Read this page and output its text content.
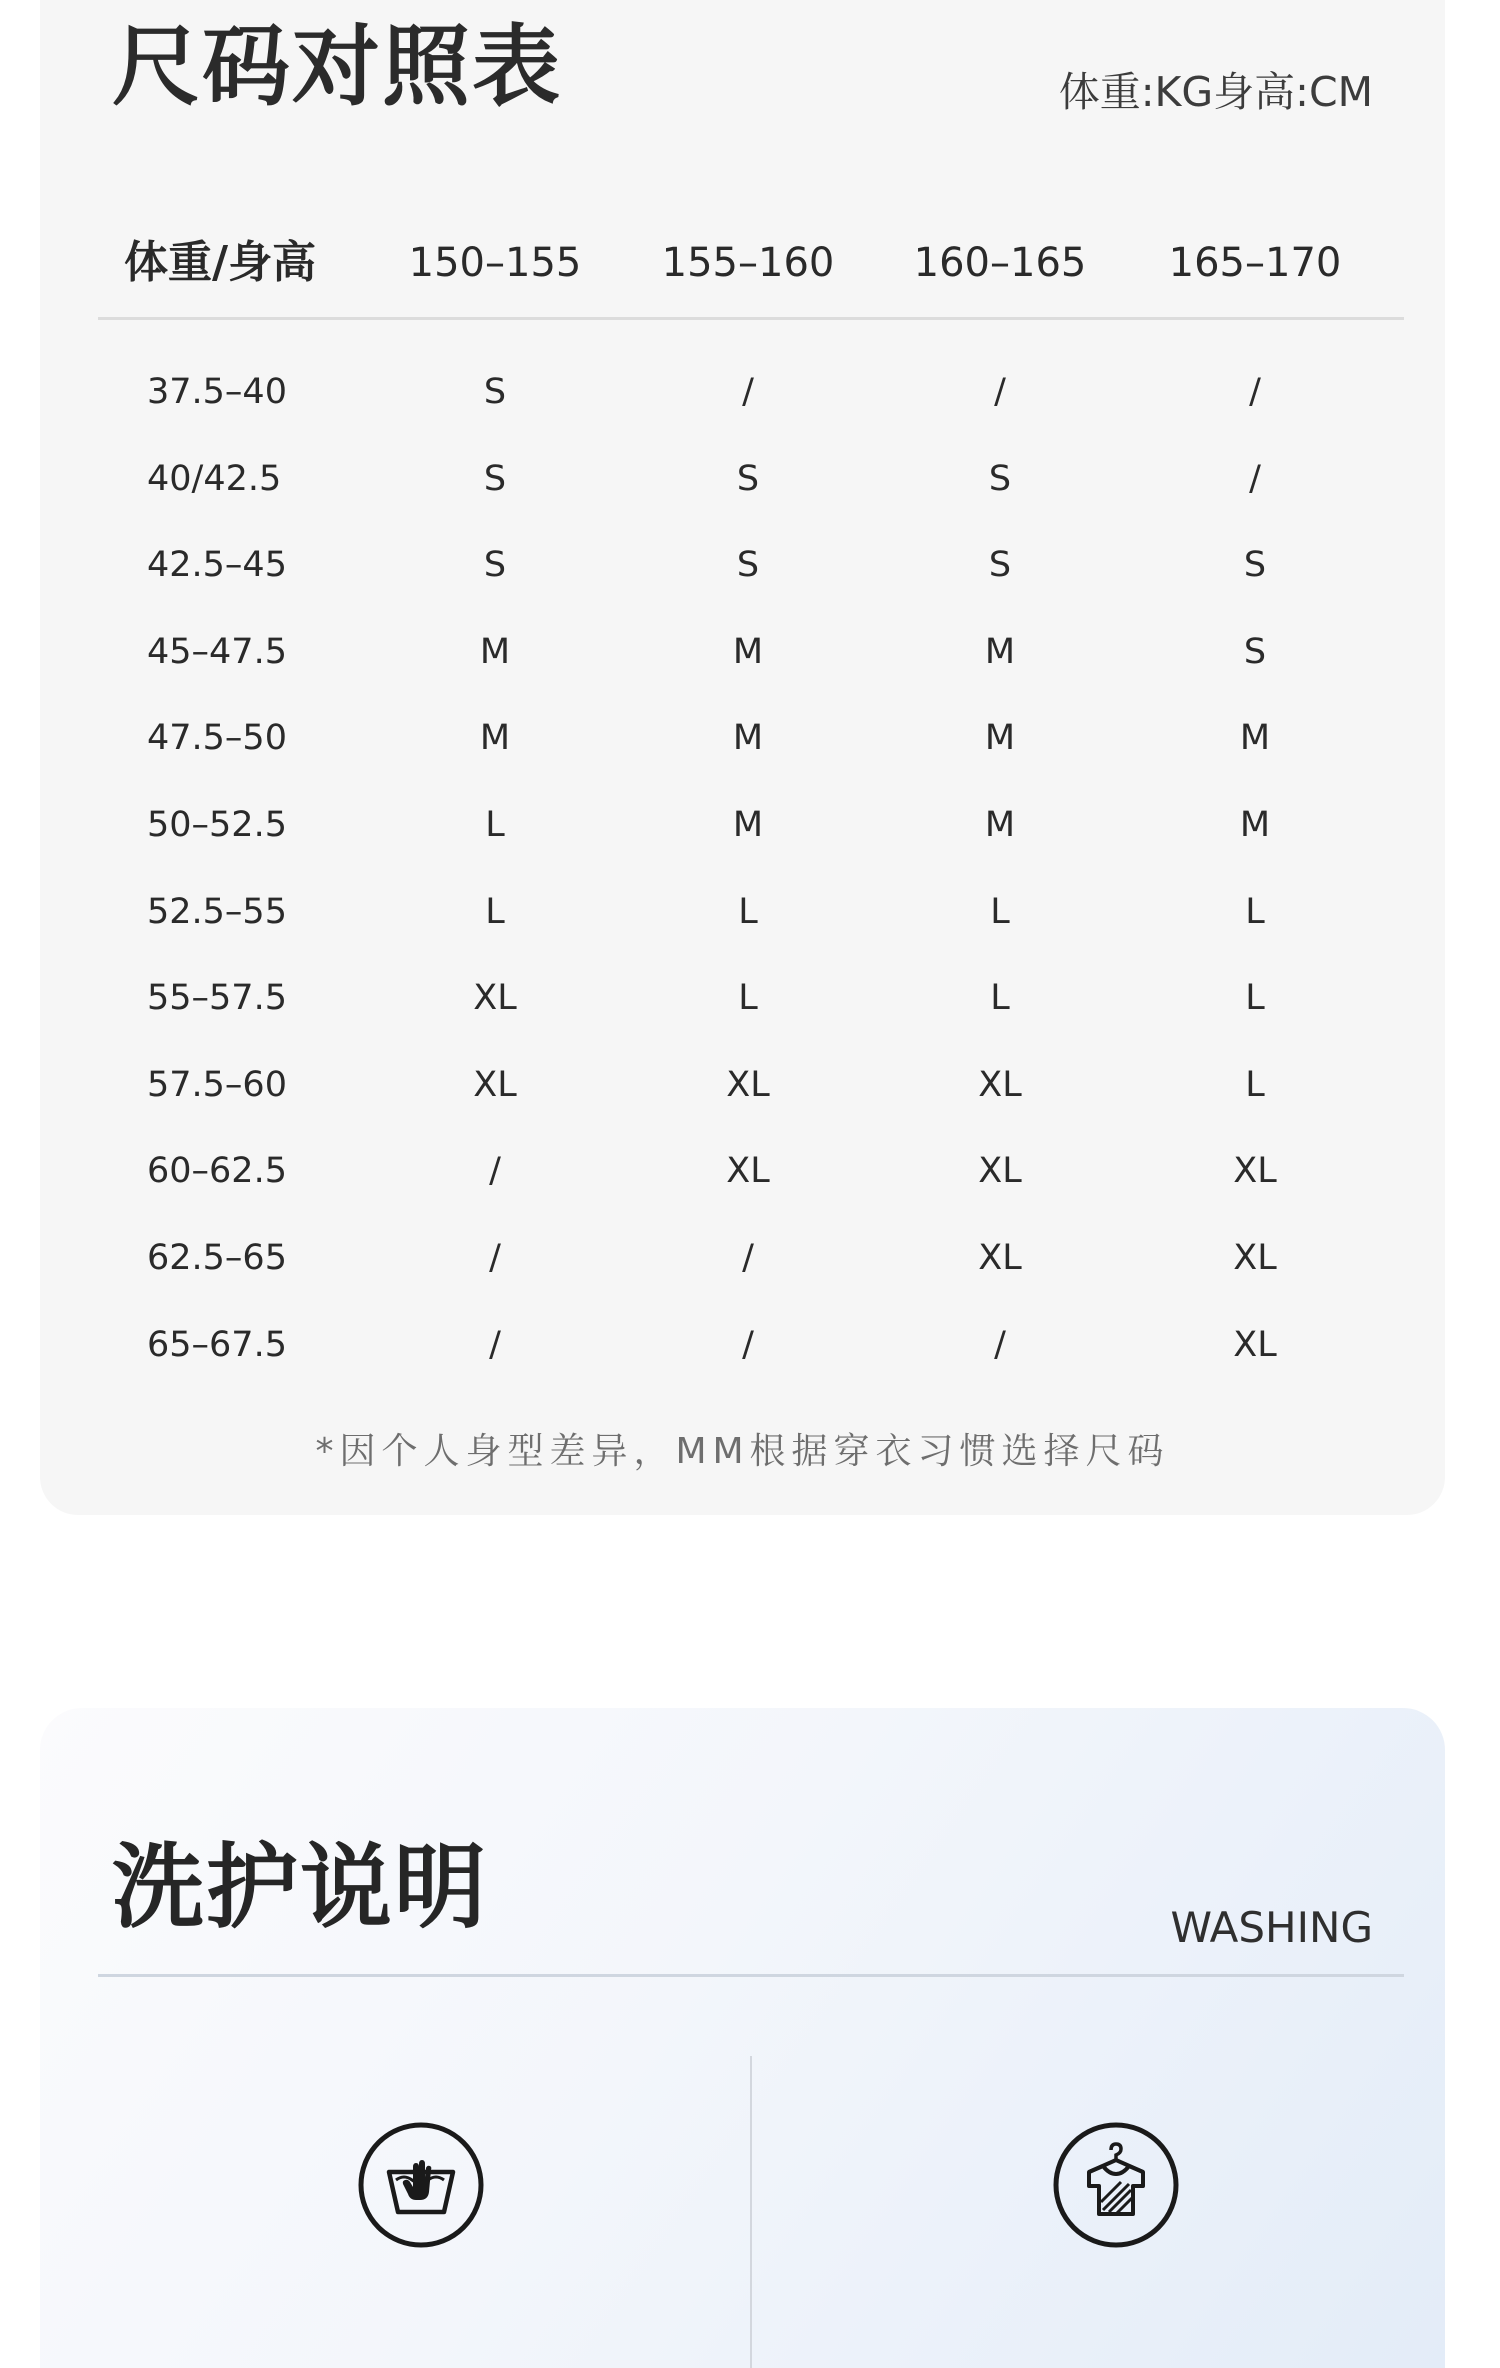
尺码对照表	体重:KG身高:CM
体重/身高 150–155 155–160 160–165 165–170
37.5–40	S	/	/	/
40/42.5	S	S	S	/
42.5–45	S	S	S	S
45–47.5	M	M	M	S
47.5–50	M	M	M	M
50–52.5	L	M	M	M
52.5–55	L	L	L	L
55–57.5	XL	L	L	L
57.5–60	XL	XL	XL	L
60–62.5	/	XL	XL	XL
62.5–65	/	/	XL	XL
65–67.5	/	/	/	XL
*因个人身型差异，MM根据穿衣习惯选择尺码
洗护说明	WASHING
